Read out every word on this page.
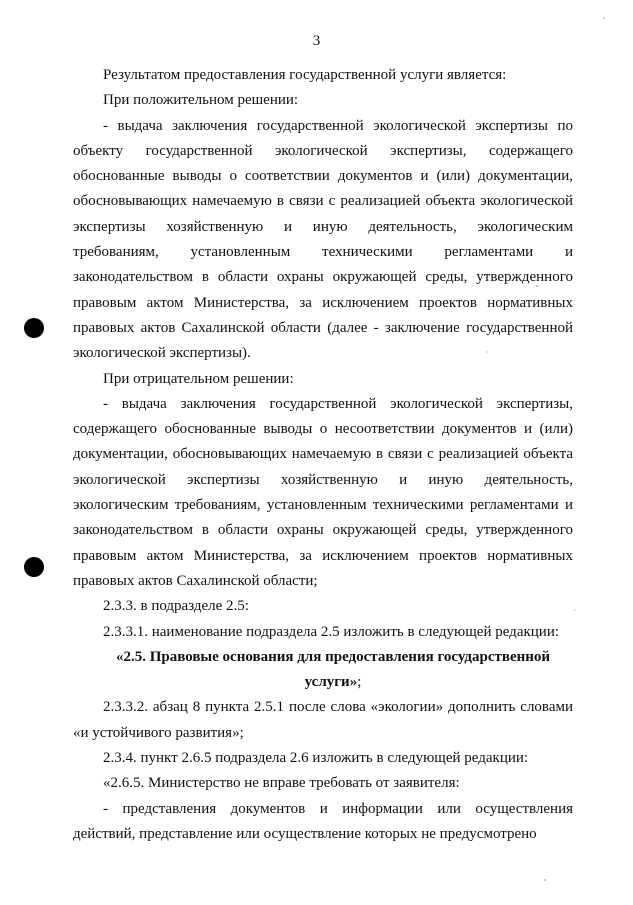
3

Результатом предоставления государственной услуги является:

При положительном решении:

- выдача заключения государственной экологической экспертизы по объекту государственной экологической экспертизы, содержащего обоснованные выводы о соответствии документов и (или) документации, обосновывающих намечаемую в связи с реализацией объекта экологической экспертизы хозяйственную и иную деятельность, экологическим требованиям, установленным техническими регламентами и законодательством в области охраны окружающей среды, утвержденного правовым актом Министерства, за исключением проектов нормативных правовых актов Сахалинской области (далее - заключение государственной экологической экспертизы).

При отрицательном решении:

- выдача заключения государственной экологической экспертизы, содержащего обоснованные выводы о несоответствии документов и (или) документации, обосновывающих намечаемую в связи с реализацией объекта экологической экспертизы хозяйственную и иную деятельность, экологическим требованиям, установленным техническими регламентами и законодательством в области охраны окружающей среды, утвержденного правовым актом Министерства, за исключением проектов нормативных правовых актов Сахалинской области;

2.3.3. в подразделе 2.5:

2.3.3.1. наименование подраздела 2.5 изложить в следующей редакции:

«2.5. Правовые основания для предоставления государственной услуги»;

2.3.3.2. абзац 8 пункта 2.5.1 после слова «экологии» дополнить словами «и устойчивого развития»;

2.3.4. пункт 2.6.5 подраздела 2.6 изложить в следующей редакции:

«2.6.5. Министерство не вправе требовать от заявителя:

- представления документов и информации или осуществления действий, представление или осуществление которых не предусмотрено
